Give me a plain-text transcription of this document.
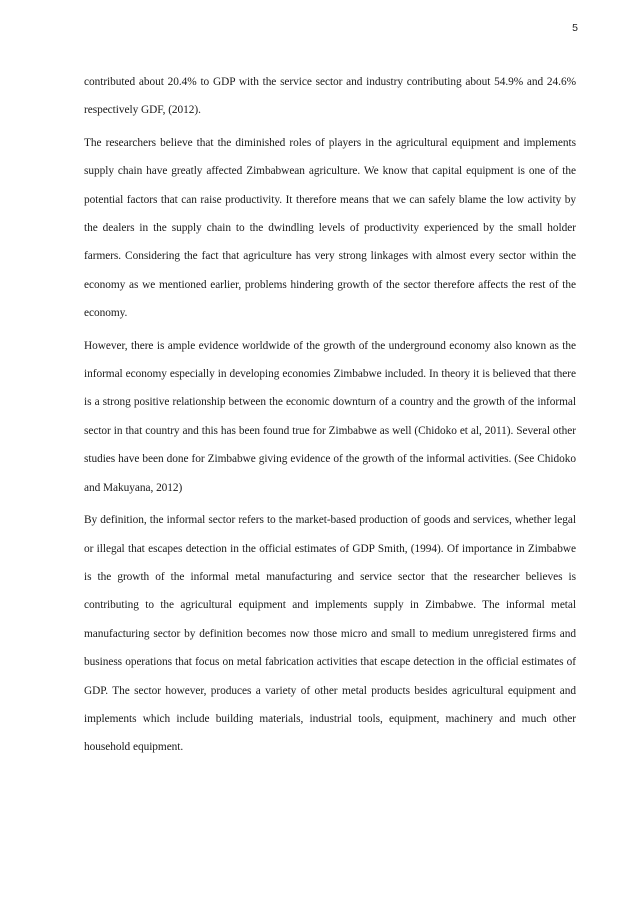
5

contributed about 20.4% to GDP with the service sector and industry contributing about 54.9% and 24.6% respectively GDF, (2012).

The researchers believe that the diminished roles of players in the agricultural equipment and implements supply chain have greatly affected Zimbabwean agriculture. We know that capital equipment is one of the potential factors that can raise productivity. It therefore means that we can safely blame the low activity by the dealers in the supply chain to the dwindling levels of productivity experienced by the small holder farmers. Considering the fact that agriculture has very strong linkages with almost every sector within the economy as we mentioned earlier, problems hindering growth of the sector therefore affects the rest of the economy.

However, there is ample evidence worldwide of the growth of the underground economy also known as the informal economy especially in developing economies Zimbabwe included. In theory it is believed that there is a strong positive relationship between the economic downturn of a country and the growth of the informal sector in that country and this has been found true for Zimbabwe as well (Chidoko et al, 2011). Several other studies have been done for Zimbabwe giving evidence of the growth of the informal activities. (See Chidoko and Makuyana, 2012)

By definition, the informal sector refers to the market-based production of goods and services, whether legal or illegal that escapes detection in the official estimates of GDP Smith, (1994). Of importance in Zimbabwe is the growth of the informal metal manufacturing and service sector that the researcher believes is contributing to the agricultural equipment and implements supply in Zimbabwe. The informal metal manufacturing sector by definition becomes now those micro and small to medium unregistered firms and business operations that focus on metal fabrication activities that escape detection in the official estimates of GDP. The sector however, produces a variety of other metal products besides agricultural equipment and implements which include building materials, industrial tools, equipment, machinery and much other household equipment.
